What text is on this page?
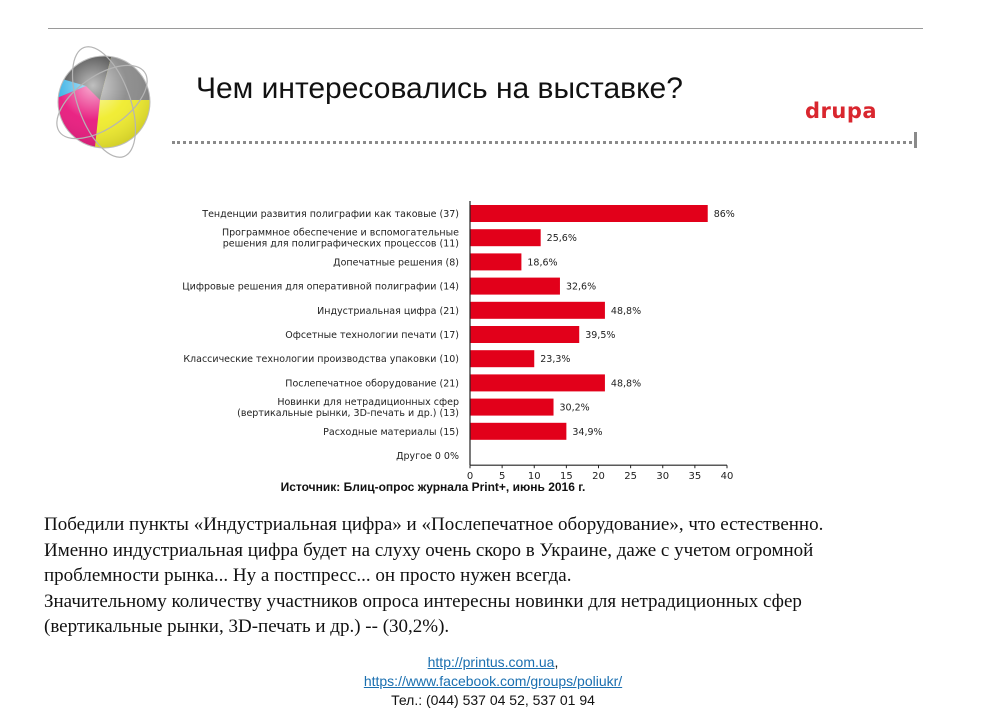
Чем интересовались на выставке?
drupa
Тенденции развития полиграфии как таковые (37)	86%
Программное обеспечение и вспомогательные решения для полиграфических процессов (11)	25,6%
Допечатные решения (8)	18,6%
Цифровые решения для оперативной полиграфии (14)	32,6%
Индустриальная цифра (21)	48,8%
Офсетные технологии печати (17)	39,5%
Классические технологии производства упаковки (10)	23,3%
Послепечатное оборудование (21)	48,8%
Новинки для нетрадиционных сфер (вертикальные рынки, 3D-печать и др.) (13)	30,2%
Расходные материалы (15)	34,9%
Другое 0 0%
0	5 10 15 20 25 30 35 40
Источник: Блиц-опрос журнала Print+, июнь 2016 г.
Победили пункты «Индустриальная цифра» и «Послепечатное оборудование», что естественно.
Именно индустриальная цифра будет на слуху очень скоро в Украине, даже с учетом огромной
проблемности рынка... Ну а постпресс... он просто нужен всегда.
Значительному количеству участников опроса интересны новинки для нетрадиционных сфер
(вертикальные рынки, 3D-печать и др.) -- (30,2%).
http://printus.com.ua,
https://www.facebook.com/groups/poliukr/
Тел.: (044) 537 04 52, 537 01 94
